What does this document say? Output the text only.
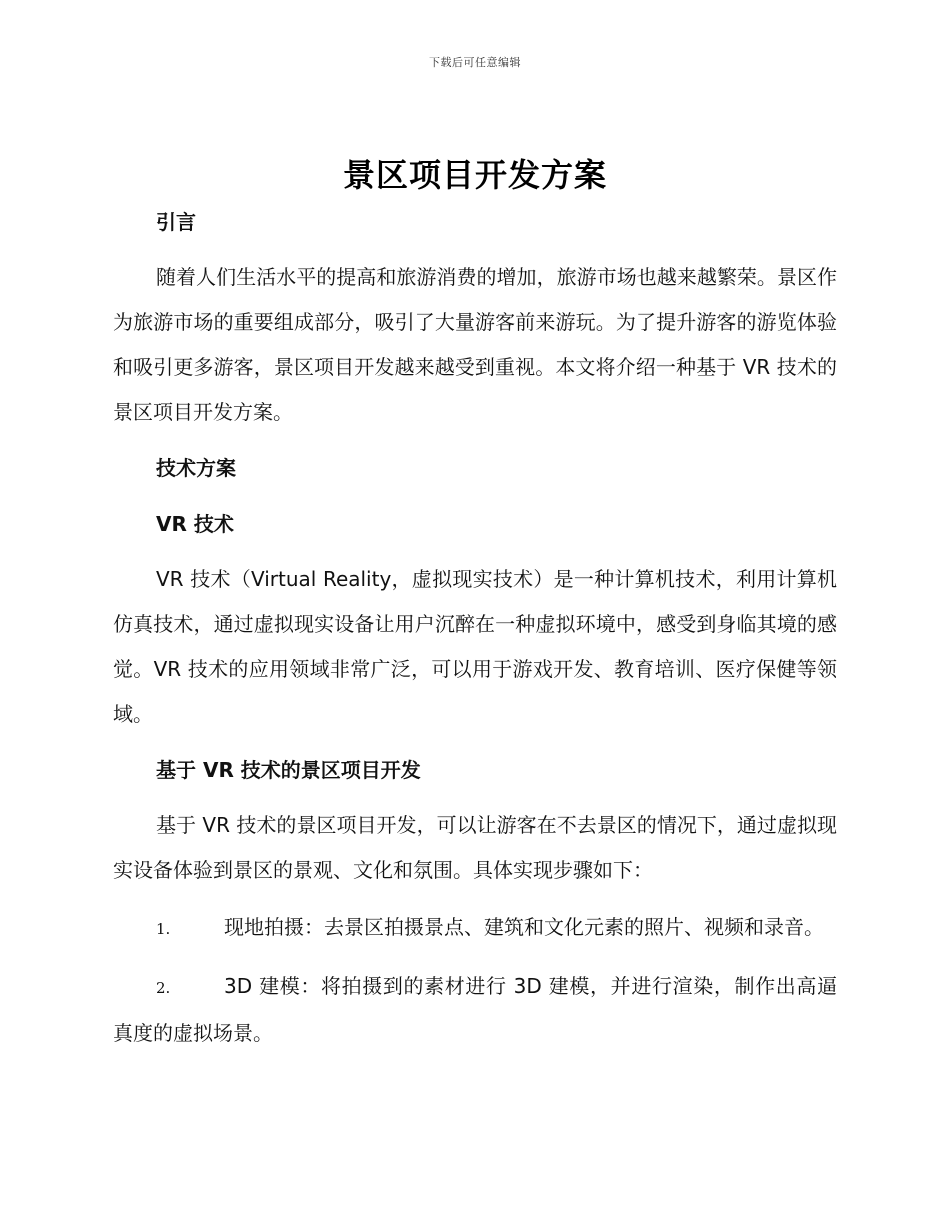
下载后可任意编辑
景区项目开发方案

引言

随着人们生活水平的提高和旅游消费的增加，旅游市场也越来越繁荣。景区作为旅游市场的重要组成部分，吸引了大量游客前来游玩。为了提升游客的游览体验和吸引更多游客，景区项目开发越来越受到重视。本文将介绍一种基于 VR 技术的景区项目开发方案。

技术方案

VR 技术

VR 技术（Virtual Reality，虚拟现实技术）是一种计算机技术，利用计算机仿真技术，通过虚拟现实设备让用户沉醉在一种虚拟环境中，感受到身临其境的感觉。VR 技术的应用领域非常广泛，可以用于游戏开发、教育培训、医疗保健等领域。

基于 VR 技术的景区项目开发

基于 VR 技术的景区项目开发，可以让游客在不去景区的情况下，通过虚拟现实设备体验到景区的景观、文化和氛围。具体实现步骤如下：

1.	现地拍摄：去景区拍摄景点、建筑和文化元素的照片、视频和录音。

2.	3D 建模：将拍摄到的素材进行 3D 建模，并进行渲染，制作出高逼真度的虚拟场景。
